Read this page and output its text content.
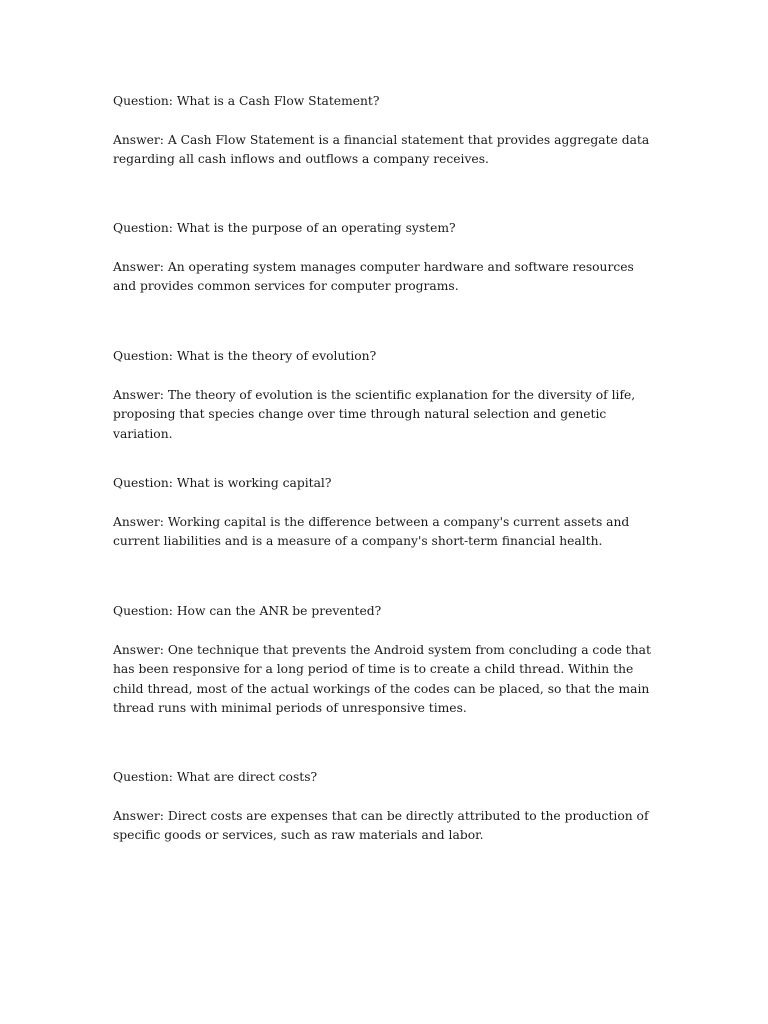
Question: What is a Cash Flow Statement?

Answer: A Cash Flow Statement is a financial statement that provides aggregate data regarding all cash inflows and outflows a company receives.

Question: What is the purpose of an operating system?

Answer: An operating system manages computer hardware and software resources and provides common services for computer programs.

Question: What is the theory of evolution?

Answer: The theory of evolution is the scientific explanation for the diversity of life, proposing that species change over time through natural selection and genetic variation.

Question: What is working capital?

Answer: Working capital is the difference between a company's current assets and current liabilities and is a measure of a company's short-term financial health.

Question: How can the ANR be prevented?

Answer: One technique that prevents the Android system from concluding a code that has been responsive for a long period of time is to create a child thread. Within the child thread, most of the actual workings of the codes can be placed, so that the main thread runs with minimal periods of unresponsive times.

Question: What are direct costs?

Answer: Direct costs are expenses that can be directly attributed to the production of specific goods or services, such as raw materials and labor.
